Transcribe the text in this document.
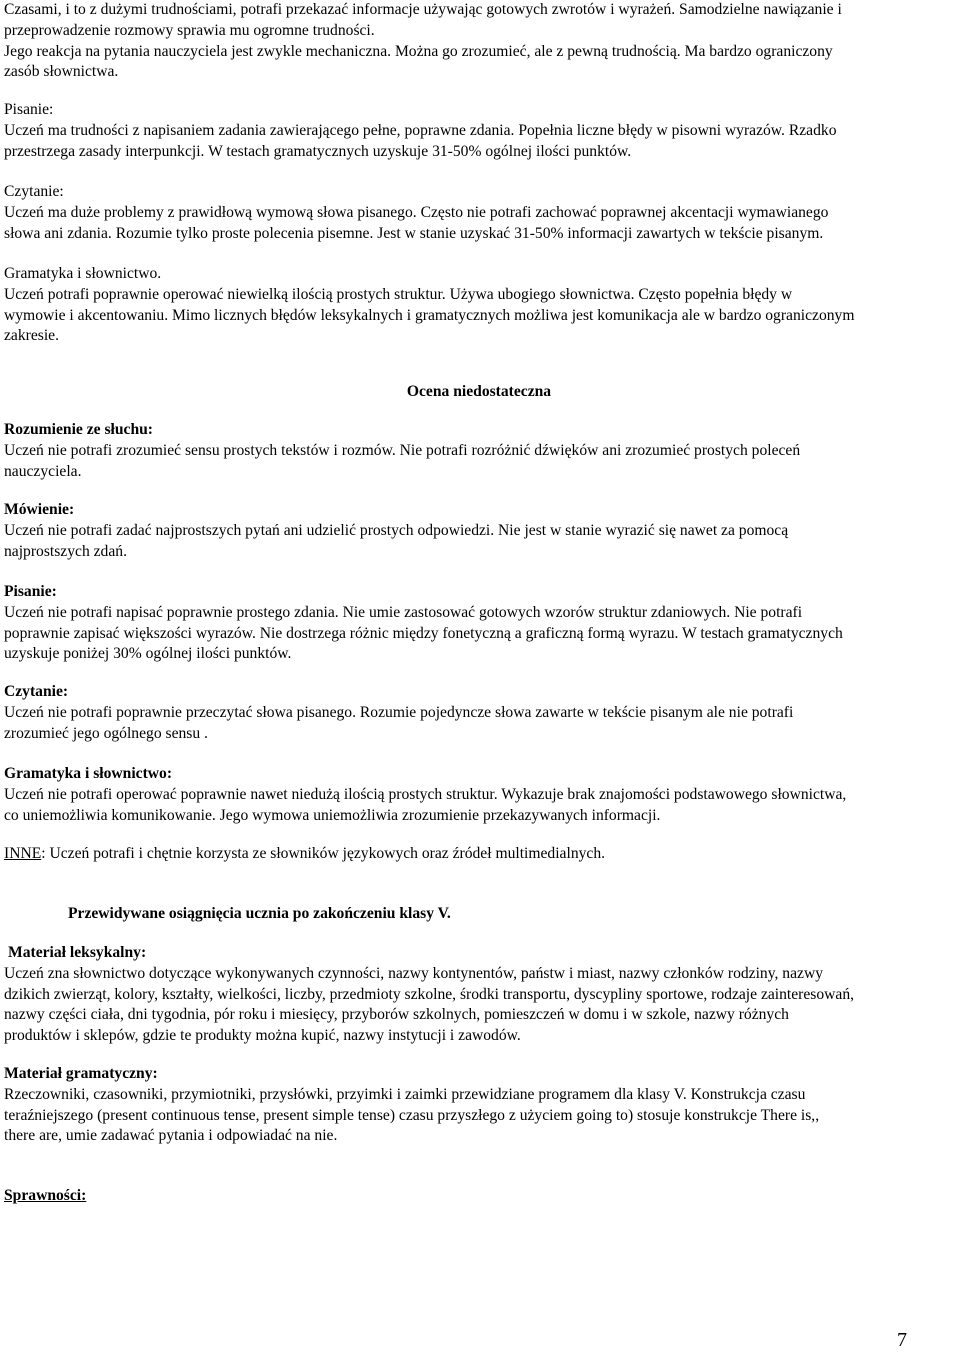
Czasami, i to z dużymi trudnościami, potrafi przekazać informacje używając gotowych zwrotów i wyrażeń. Samodzielne nawiązanie i

przeprowadzenie rozmowy sprawia mu ogromne trudności.

Jego reakcja na pytania nauczyciela jest zwykle mechaniczna. Można go zrozumieć, ale z pewną trudnością. Ma bardzo ograniczony

zasób słownictwa.

Pisanie:

Uczeń ma trudności z napisaniem zadania zawierającego pełne, poprawne zdania. Popełnia liczne błędy w pisowni wyrazów. Rzadko

przestrzega zasady interpunkcji. W testach gramatycznych uzyskuje 31-50% ogólnej ilości punktów.

Czytanie:

Uczeń ma duże problemy z prawidłową wymową słowa pisanego. Często nie potrafi zachować poprawnej akcentacji wymawianego

słowa ani zdania. Rozumie tylko proste polecenia pisemne. Jest w stanie uzyskać 31-50% informacji zawartych w tekście pisanym.

Gramatyka i słownictwo.

Uczeń potrafi poprawnie operować niewielką ilością prostych struktur. Używa ubogiego słownictwa. Często popełnia błędy w

wymowie i akcentowaniu. Mimo licznych błędów leksykalnych i gramatycznych możliwa jest komunikacja ale w bardzo ograniczonym

zakresie.

Ocena niedostateczna

Rozumienie ze słuchu:

Uczeń nie potrafi zrozumieć sensu prostych tekstów i rozmów. Nie potrafi rozróżnić dźwięków ani zrozumieć prostych poleceń

nauczyciela.

Mówienie:

Uczeń nie potrafi zadać najprostszych pytań ani udzielić prostych odpowiedzi. Nie jest w stanie wyrazić się nawet za pomocą

najprostszych zdań.

Pisanie:

Uczeń nie potrafi napisać poprawnie prostego zdania. Nie umie zastosować gotowych wzorów struktur zdaniowych. Nie potrafi

poprawnie zapisać większości wyrazów. Nie dostrzega różnic między fonetyczną a graficzną formą wyrazu. W testach gramatycznych

uzyskuje poniżej 30% ogólnej ilości punktów.

Czytanie:

Uczeń nie potrafi poprawnie przeczytać słowa pisanego. Rozumie pojedyncze słowa zawarte w tekście pisanym ale nie potrafi

zrozumieć jego ogólnego sensu .

Gramatyka i słownictwo:

Uczeń nie potrafi operować poprawnie nawet niedużą ilością prostych struktur. Wykazuje brak znajomości podstawowego słownictwa,

co uniemożliwia komunikowanie. Jego wymowa uniemożliwia zrozumienie przekazywanych informacji.

INNE: Uczeń potrafi i chętnie korzysta ze słowników językowych oraz źródeł multimedialnych.
Przewidywane osiągnięcia ucznia po zakończeniu klasy V.

Materiał leksykalny:

Uczeń zna słownictwo dotyczące wykonywanych czynności, nazwy kontynentów, państw i miast, nazwy członków rodziny, nazwy

dzikich zwierząt, kolory, kształty, wielkości, liczby, przedmioty szkolne, środki transportu, dyscypliny sportowe, rodzaje zainteresowań,

nazwy części ciała, dni tygodnia, pór roku i miesięcy, przyborów szkolnych, pomieszczeń w domu i w szkole, nazwy różnych

produktów i sklepów, gdzie te produkty można kupić, nazwy instytucji i zawodów.

Materiał gramatyczny:

Rzeczowniki, czasowniki, przymiotniki, przysłówki, przyimki i zaimki przewidziane programem dla klasy V. Konstrukcja czasu

teraźniejszego (present continuous tense, present simple tense) czasu przyszłego z użyciem going to) stosuje konstrukcje There is,,

there are, umie zadawać pytania i odpowiadać na nie.

Sprawności:
7
